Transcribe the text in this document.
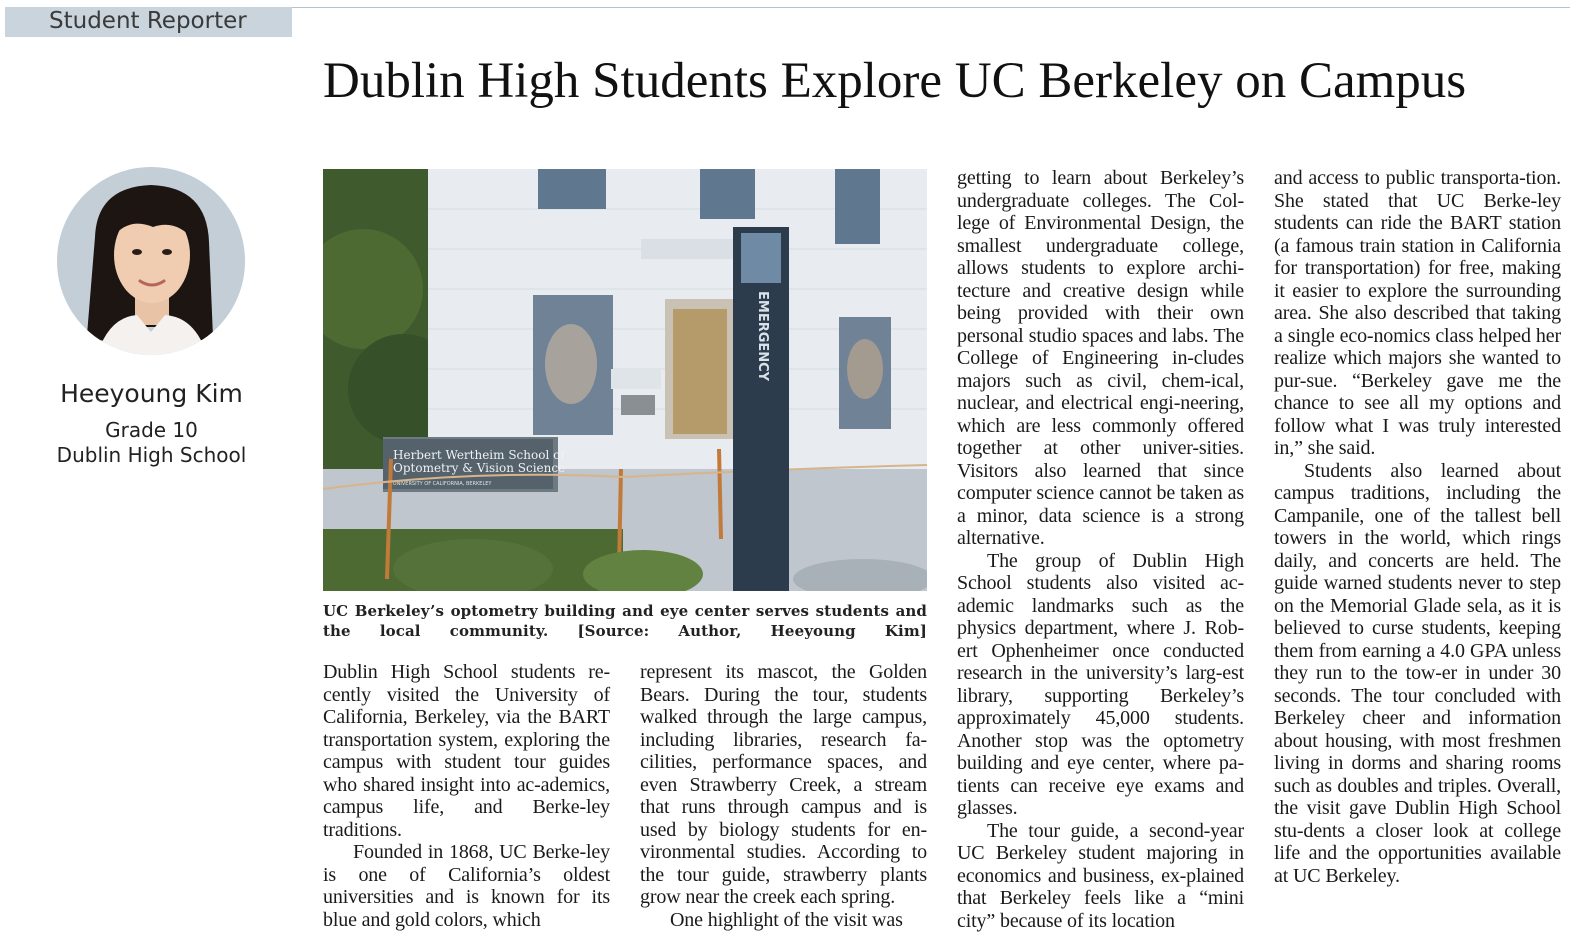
Student Reporter
Dublin High Students Explore UC Berkeley on Campus
Heeyoung Kim
Grade 10
Dublin High School	Herbert Wertheim School of
Optometry & Vision Science
UNIVERSITY OF CALIFORNIA, BERKELEY
EMERGENCY
UC Berkeley’s optometry building and eye center serves students and the local community. [Source: Author, Heeyoung Kim]

Dublin High School students re-cently visited the University of California, Berkeley, via the BART transportation system, exploring the campus with student tour guides who shared insight into ac-ademics, campus life, and Berke-ley traditions.

Founded in 1868, UC Berke-ley is one of California’s oldest universities and is known for its blue and gold colors, which

represent its mascot, the Golden Bears. During the tour, students walked through the large campus, including libraries, research fa-cilities, performance spaces, and even Strawberry Creek, a stream that runs through campus and is used by biology students for en-vironmental studies. According to the tour guide, strawberry plants grow near the creek each spring.

One highlight of the visit was

getting to learn about Berkeley’s undergraduate colleges. The Col-lege of Environmental Design, the smallest undergraduate college, allows students to explore archi-tecture and creative design while being provided with their own personal studio spaces and labs. The College of Engineering in-cludes majors such as civil, chem-ical, nuclear, and electrical engi-neering, which are less commonly offered together at other univer-sities. Visitors also learned that since computer science cannot be taken as a minor, data science is a strong alternative.

The group of Dublin High School students also visited ac-ademic landmarks such as the physics department, where J. Rob-ert Ophenheimer once conducted research in the university’s larg-est library, supporting Berkeley’s approximately 45,000 students. Another stop was the optometry building and eye center, where pa-tients can receive eye exams and glasses.

The tour guide, a second-year UC Berkeley student majoring in economics and business, ex-plained that Berkeley feels like a “mini city” because of its location

and access to public transporta-tion. She stated that UC Berke-ley students can ride the BART station (a famous train station in California for transportation) for free, making it easier to explore the surrounding area. She also described that taking a single eco-nomics class helped her realize which majors she wanted to pur-sue. “Berkeley gave me the chance to see all my options and follow what I was truly interested in,” she said.

Students also learned about campus traditions, including the Campanile, one of the tallest bell towers in the world, which rings daily, and concerts are held. The guide warned students never to step on the Memorial Glade sela, as it is believed to curse students, keeping them from earning a 4.0 GPA unless they run to the tow-er in under 30 seconds. The tour concluded with Berkeley cheer and information about housing, with most freshmen living in dorms and sharing rooms such as doubles and triples. Overall, the visit gave Dublin High School stu-dents a closer look at college life and the opportunities available at UC Berkeley.
